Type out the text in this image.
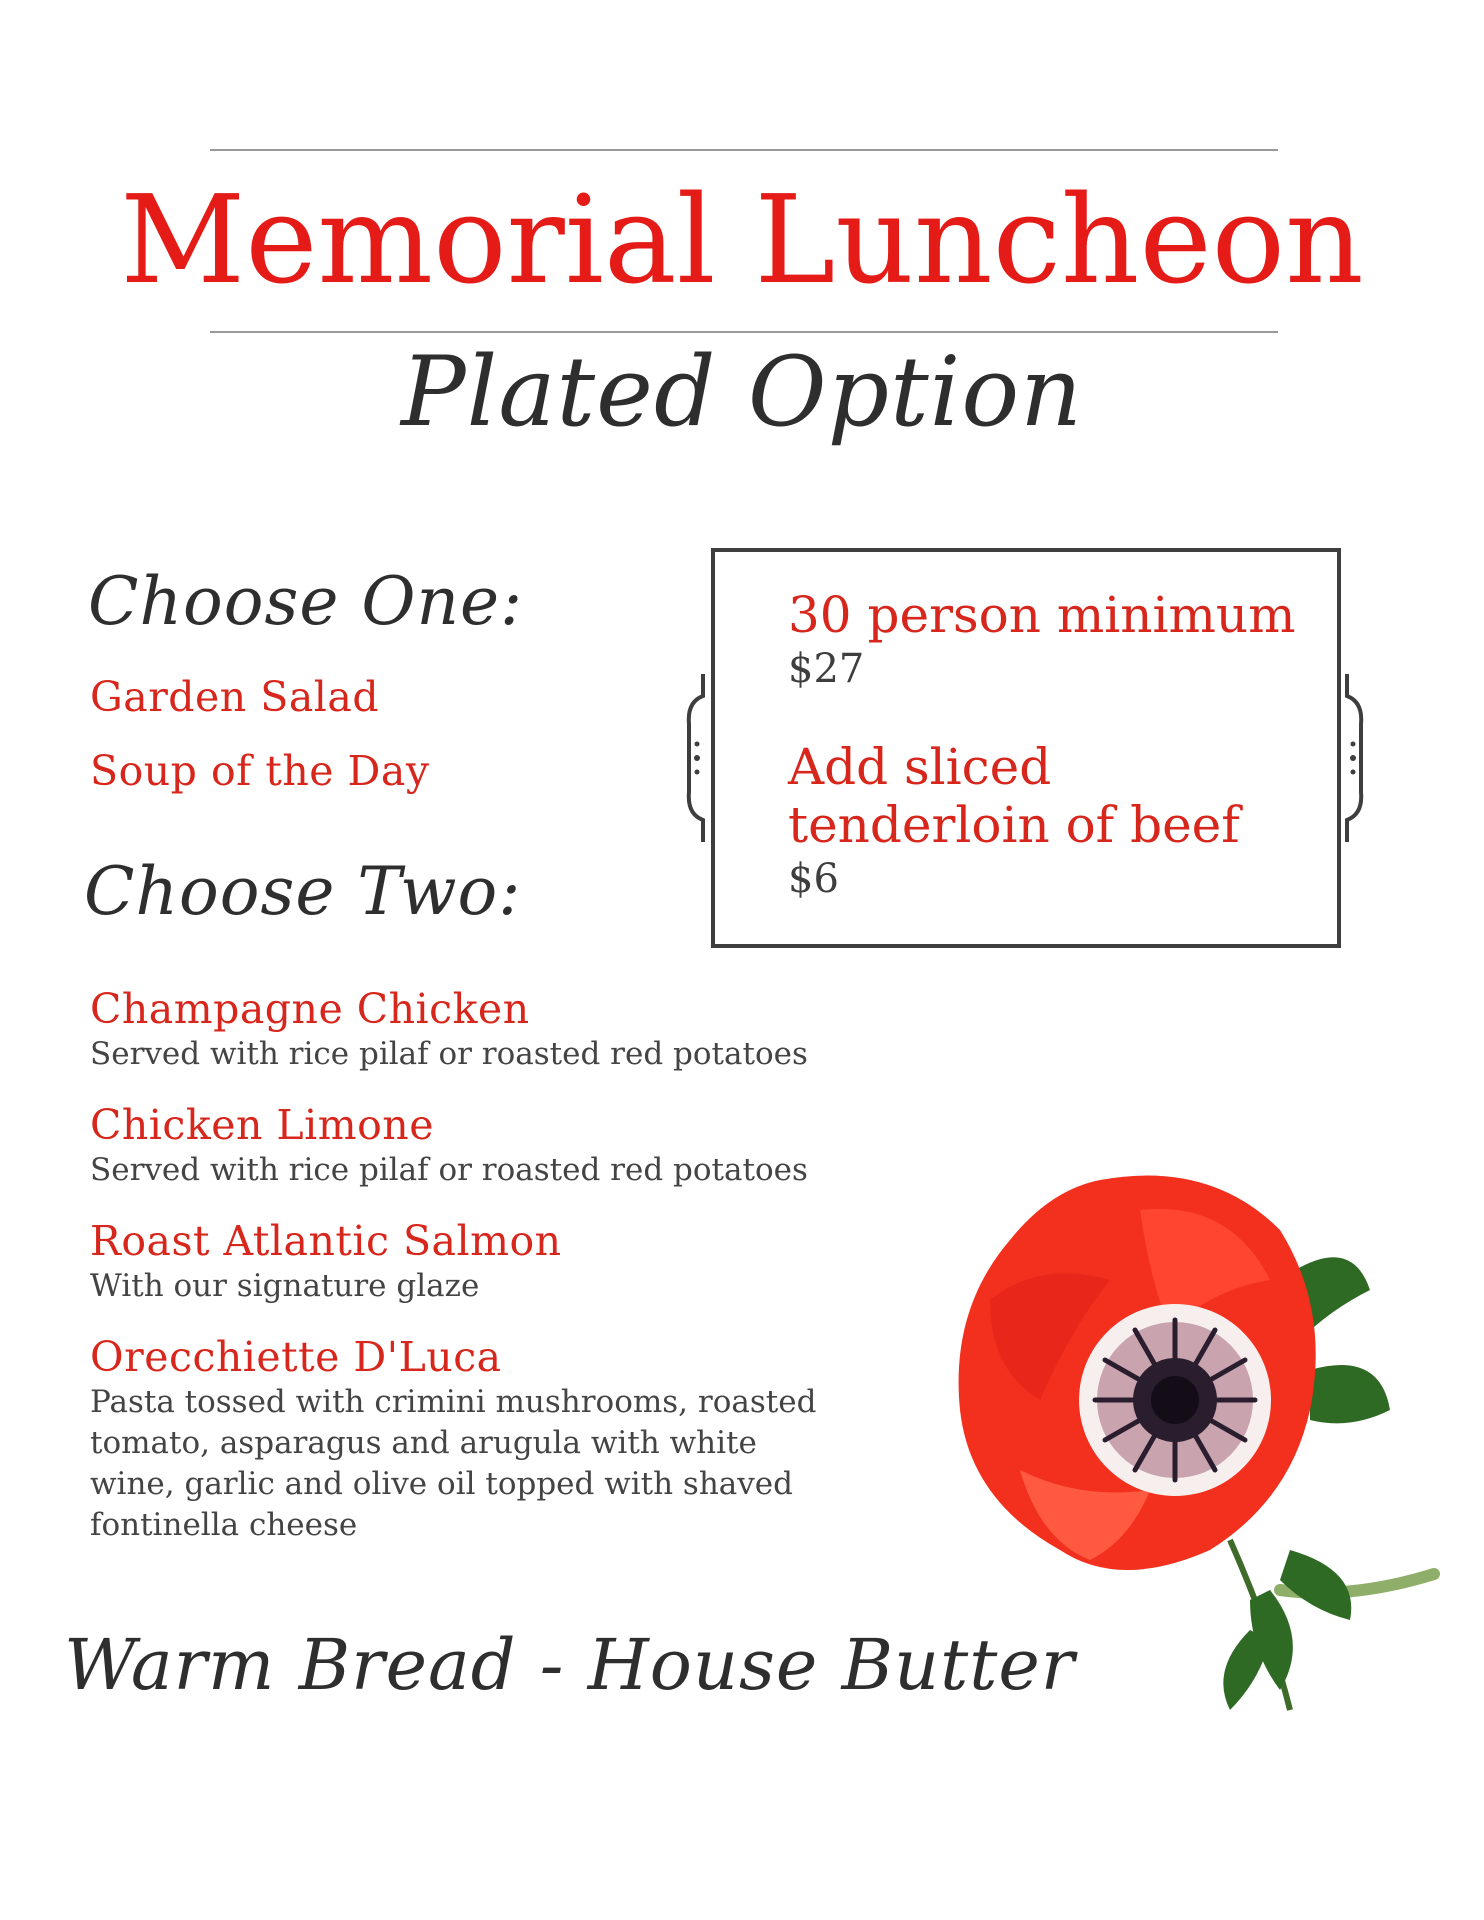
Memorial Luncheon
Plated Option
Choose One:
Garden Salad
Soup of the Day
Choose Two:
Champagne Chicken
Served with rice pilaf or roasted red potatoes
Chicken Limone
Served with rice pilaf or roasted red potatoes
Roast Atlantic Salmon
With our signature glaze
Orecchiette D'Luca
Pasta tossed with crimini mushrooms, roasted tomato, asparagus and arugula with white wine, garlic and olive oil topped with shaved fontinella cheese
30 person minimum
$27
Add sliced tenderloin of beef
$6
Warm Bread - House Butter
